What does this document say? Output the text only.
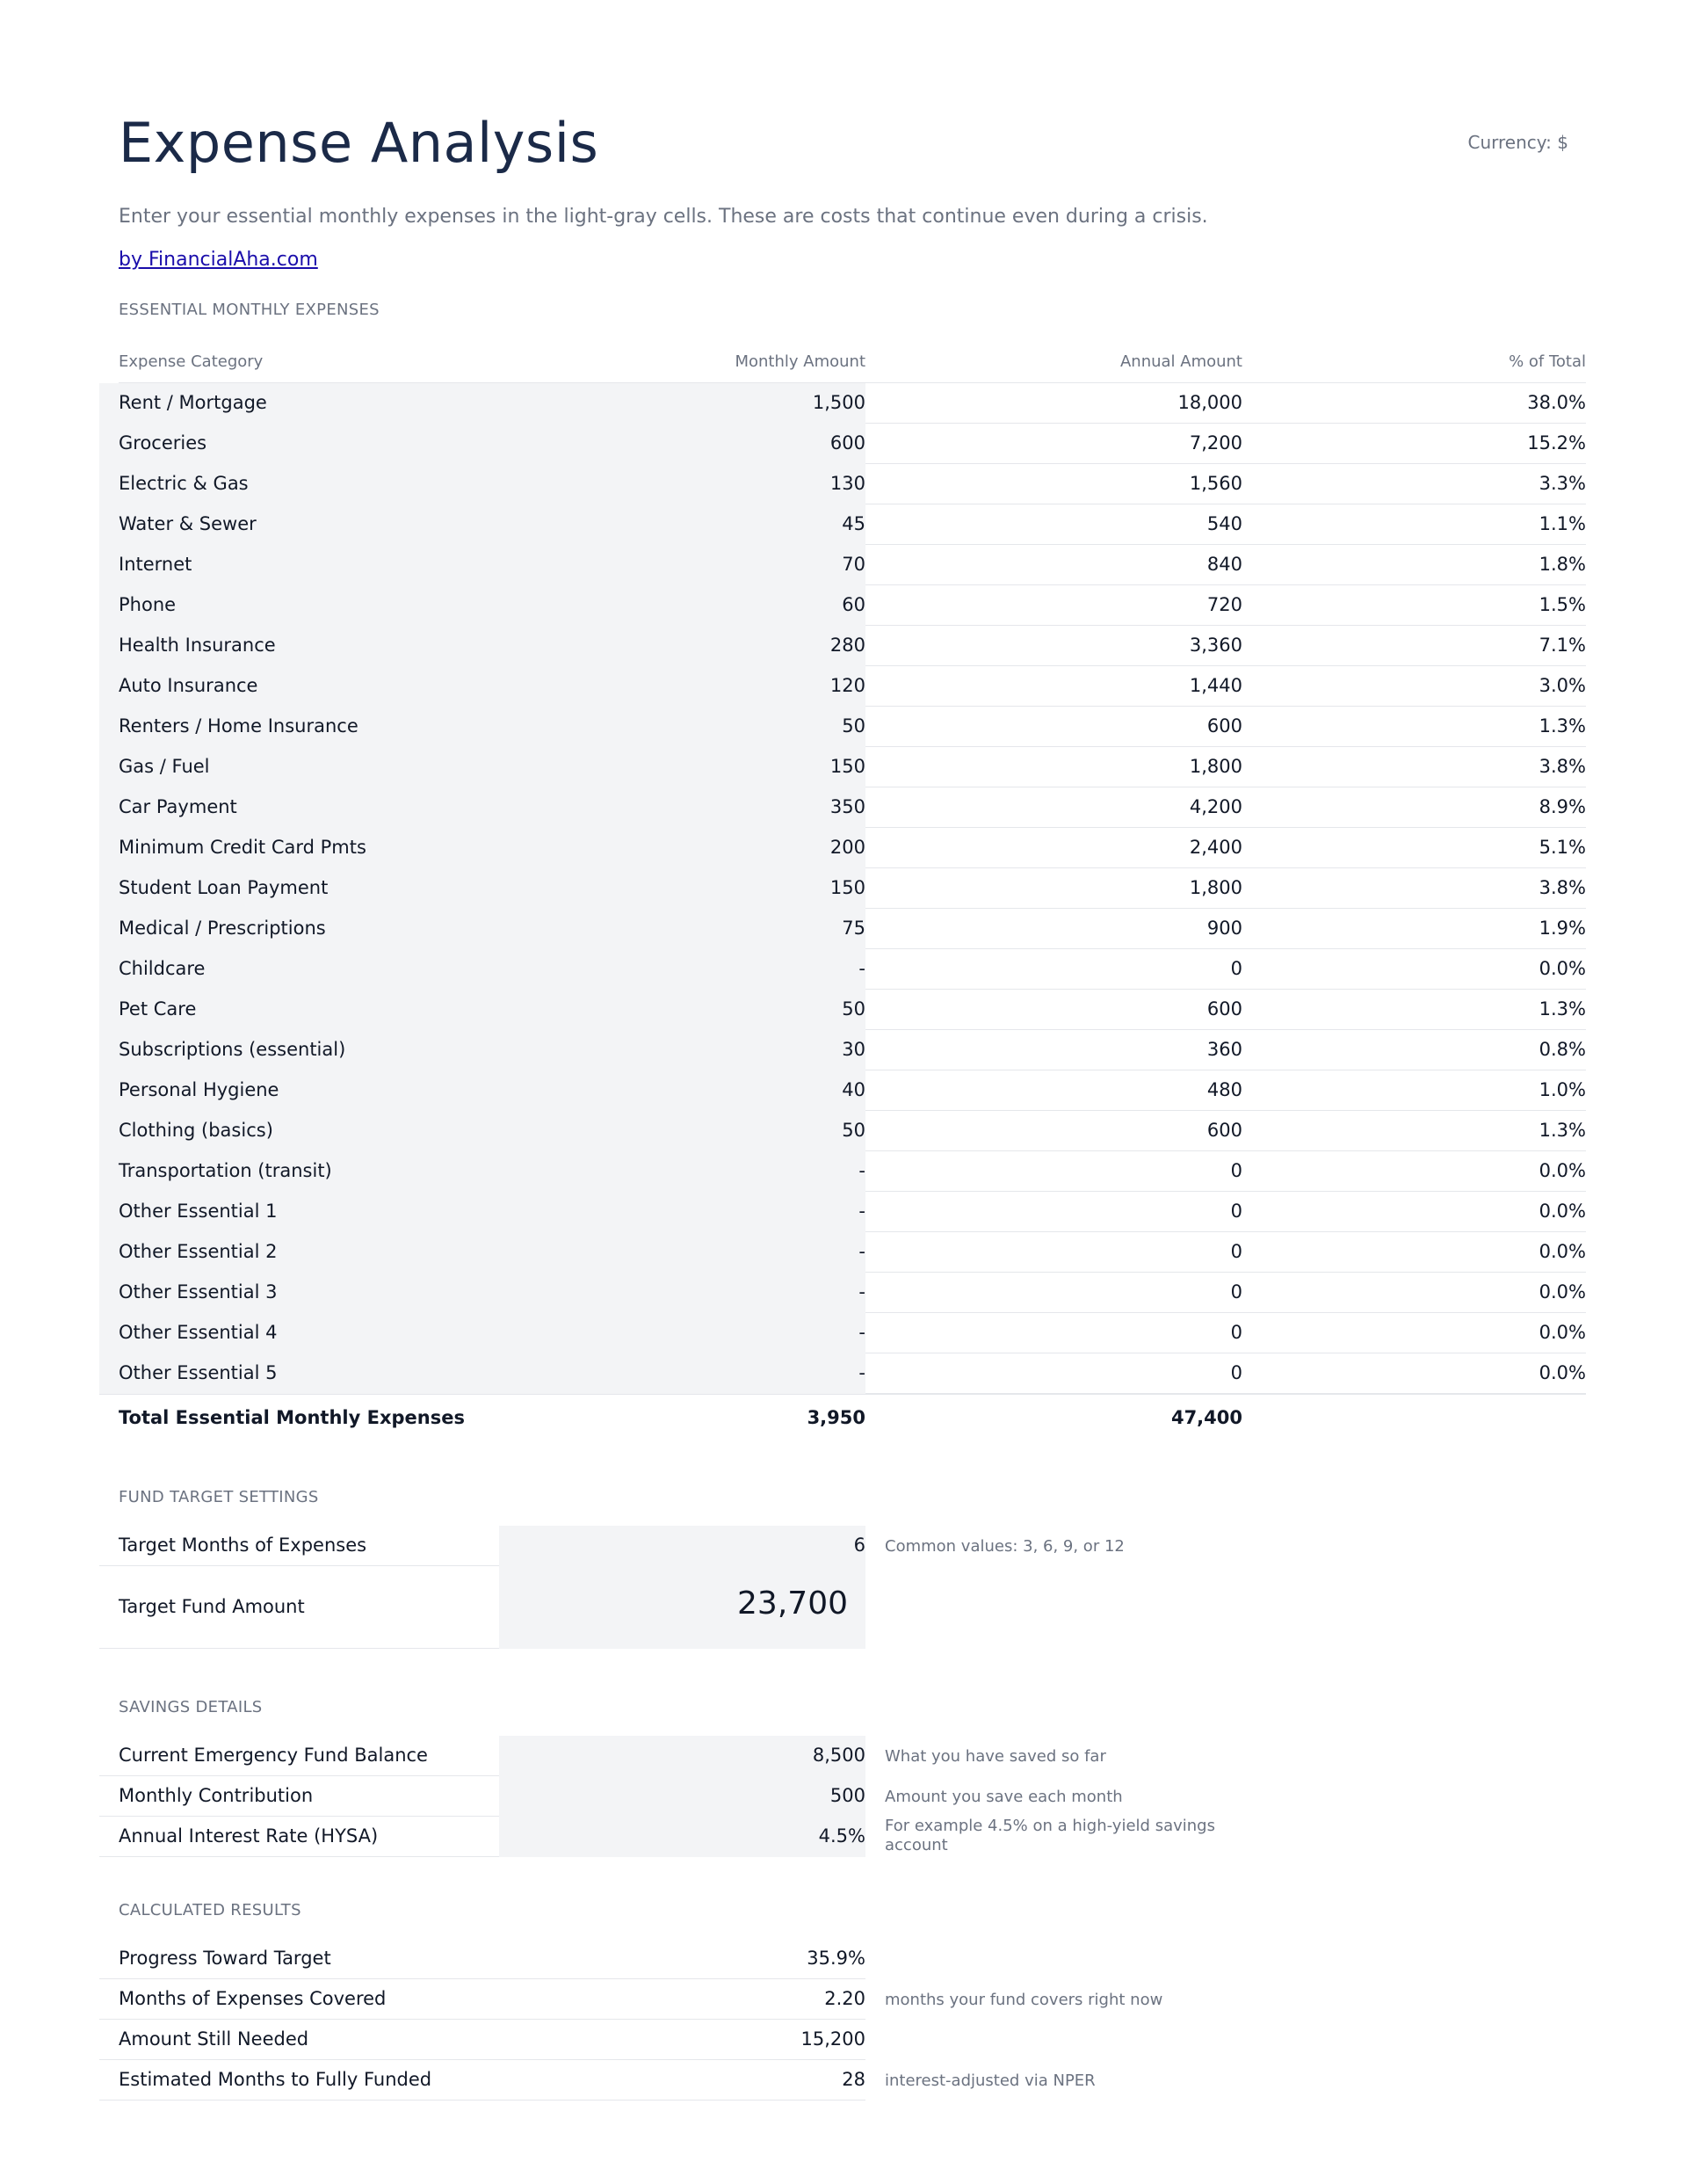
Expense Analysis	Currency: $
Enter your essential monthly expenses in the light-gray cells. These are costs that continue even during a crisis.
by FinancialAha.com
ESSENTIAL MONTHLY EXPENSES
Expense Category	Monthly Amount	Annual Amount	% of Total
Rent / Mortgage	1,500	18,000	38.0%
Groceries	600	7,200	15.2%
Electric & Gas	130	1,560	3.3%
Water & Sewer	45	540	1.1%
Internet	70	840	1.8%
Phone	60	720	1.5%
Health Insurance	280	3,360	7.1%
Auto Insurance	120	1,440	3.0%
Renters / Home Insurance	50	600	1.3%
Gas / Fuel	150	1,800	3.8%
Car Payment	350	4,200	8.9%
Minimum Credit Card Pmts	200	2,400	5.1%
Student Loan Payment	150	1,800	3.8%
Medical / Prescriptions	75	900	1.9%
Childcare	-	0	0.0%
Pet Care	50	600	1.3%
Subscriptions (essential)	30	360	0.8%
Personal Hygiene	40	480	1.0%
Clothing (basics)	50	600	1.3%
Transportation (transit)	-	0	0.0%
Other Essential 1	-	0	0.0%
Other Essential 2	-	0	0.0%
Other Essential 3	-	0	0.0%
Other Essential 4	-	0	0.0%
Other Essential 5	-	0	0.0%
Total Essential Monthly Expenses	3,950	47,400
FUND TARGET SETTINGS
Target Months of Expenses	6 Common values: 3, 6, 9, or 12
Target Fund Amount	23,700
SAVINGS DETAILS
Current Emergency Fund Balance	8,500 What you have saved so far
Monthly Contribution	500 Amount you save each month
Annual Interest Rate (HYSA)	4.5% For example 4.5% on a high-yield savings account
CALCULATED RESULTS
Progress Toward Target	35.9%
Months of Expenses Covered	2.20 months your fund covers right now
Amount Still Needed	15,200
Estimated Months to Fully Funded	28 interest-adjusted via NPER
